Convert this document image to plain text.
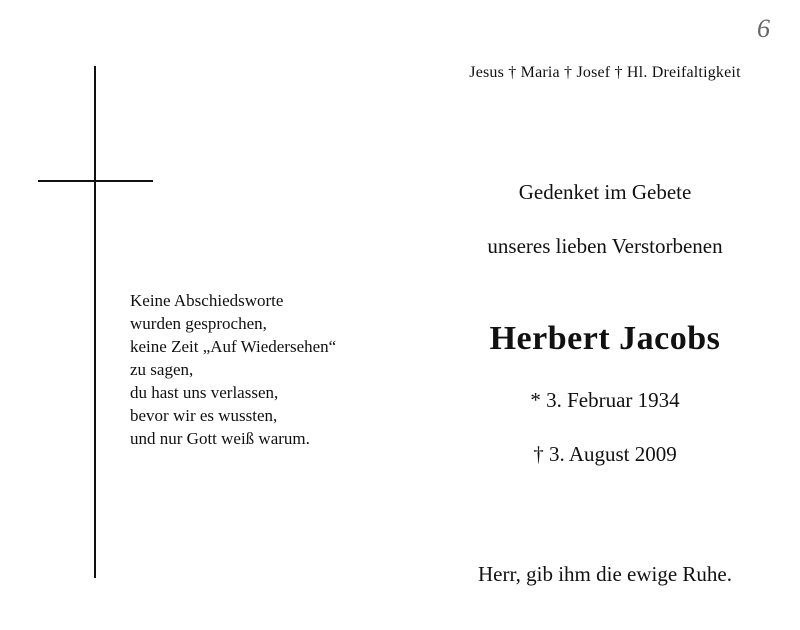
6
Jesus † Maria † Josef † Hl. Dreifaltigkeit
Gedenket im Gebete
unseres lieben Verstorbenen
Herbert Jacobs
* 3. Februar 1934
† 3. August 2009
Keine Abschiedsworte
wurden gesprochen,
keine Zeit „Auf Wiedersehen“
zu sagen,
du hast uns verlassen,
bevor wir es wussten,
und nur Gott weiß warum.
Herr, gib ihm die ewige Ruhe.
